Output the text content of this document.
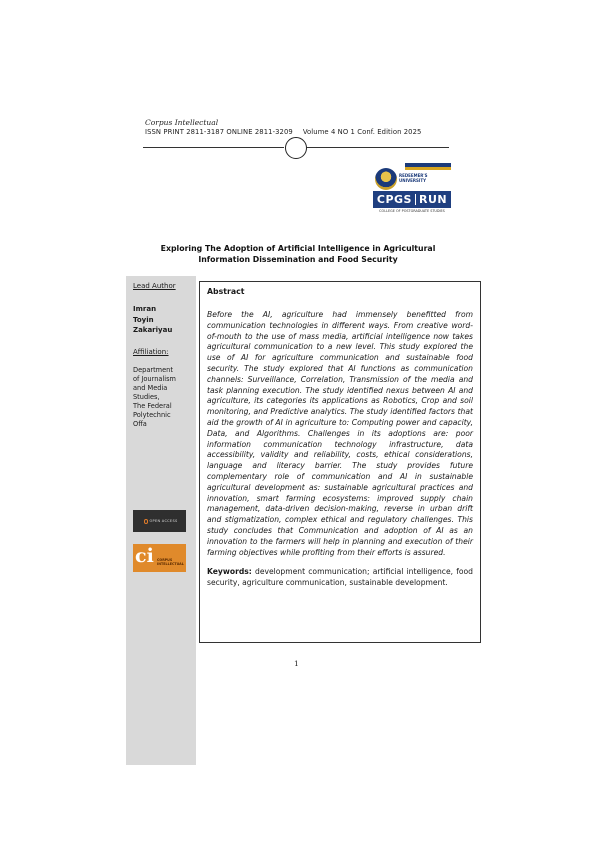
Corpus Intellectual
ISSN PRINT 2811-3187 ONLINE 2811-3209 Volume 4 NO 1 Conf. Edition 2025
REDEEMER'S UNIVERSITY
CPGS RUN
COLLEGE OF POSTGRADUATE STUDIES
Exploring The Adoption of Artificial Intelligence in Agricultural Information Dissemination and Food Security
Lead Author
Imran
Toyin
Zakariyau
Affiliation:
Department
of Journalism
and Media
Studies,
The Federal
Polytechnic
Offa
OPEN ACCESS
ci CORPUS INTELLECTUAL
Abstract
Before the AI, agriculture had immensely benefitted from communication technologies in different ways. From creative word-of-mouth to the use of mass media, artificial intelligence now takes agricultural communication to a new level. This study explored the use of AI for agriculture communication and sustainable food security. The study explored that AI functions as communication channels: Surveillance, Correlation, Transmission of the media and task planning execution. The study identified nexus between AI and agriculture, its categories its applications as Robotics, Crop and soil monitoring, and Predictive analytics. The study identified factors that aid the growth of AI in agriculture to: Computing power and capacity, Data, and Algorithms. Challenges in its adoptions are: poor information communication technology infrastructure, data accessibility, validity and reliability, costs, ethical considerations, language and literacy barrier. The study provides future complementary role of communication and AI in sustainable agricultural development as: sustainable agricultural practices and innovation, smart farming ecosystems: improved supply chain management, data-driven decision-making, reverse in urban drift and stigmatization, complex ethical and regulatory challenges. This study concludes that Communication and adoption of AI as an innovation to the farmers will help in planning and execution of their farming objectives while profiting from their efforts is assured.
Keywords: development communication; artificial intelligence, food security, agriculture communication, sustainable development.
1
